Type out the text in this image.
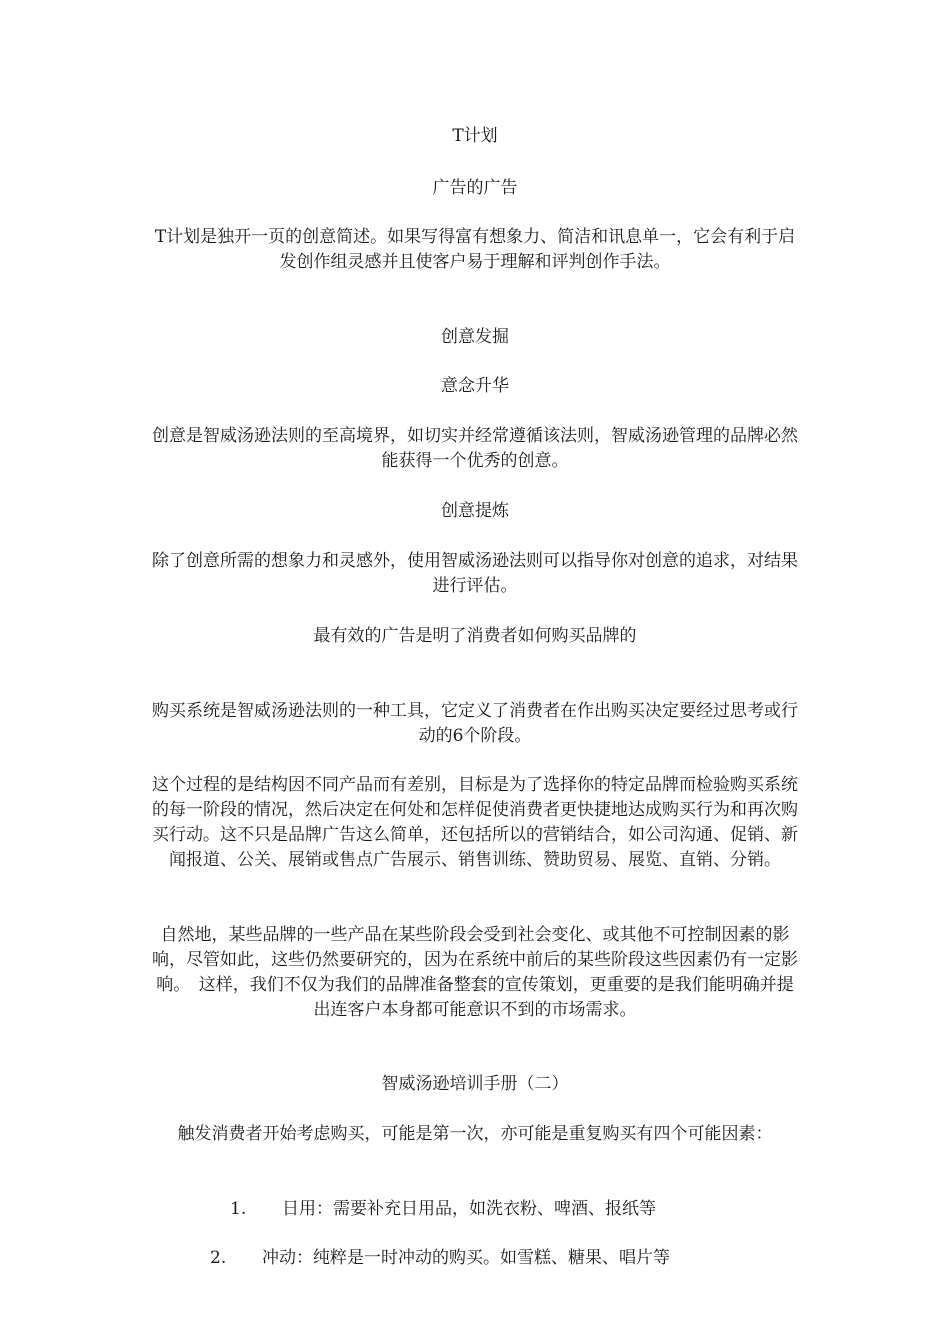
T计划
广告的广告
T计划是独开一页的创意简述。如果写得富有想象力、简洁和讯息单一，它会有利于启发创作组灵感并且使客户易于理解和评判创作手法。
创意发掘
意念升华
创意是智威汤逊法则的至高境界，如切实并经常遵循该法则，智威汤逊管理的品牌必然能获得一个优秀的创意。
创意提炼
除了创意所需的想象力和灵感外，使用智威汤逊法则可以指导你对创意的追求，对结果进行评估。
最有效的广告是明了消费者如何购买品牌的
购买系统是智威汤逊法则的一种工具，它定义了消费者在作出购买决定要经过思考或行动的6个阶段。
这个过程的是结构因不同产品而有差别，目标是为了选择你的特定品牌而检验购买系统的每一阶段的情况，然后决定在何处和怎样促使消费者更快捷地达成购买行为和再次购买行动。这不只是品牌广告这么简单，还包括所以的营销结合，如公司沟通、促销、新闻报道、公关、展销或售点广告展示、销售训练、赞助贸易、展览、直销、分销。
自然地，某些品牌的一些产品在某些阶段会受到社会变化、或其他不可控制因素的影响，尽管如此，这些仍然要研究的，因为在系统中前后的某些阶段这些因素仍有一定影响。　这样，我们不仅为我们的品牌准备整套的宣传策划，更重要的是我们能明确并提出连客户本身都可能意识不到的市场需求。
智威汤逊培训手册（二）
触发消费者开始考虑购买，可能是第一次，亦可能是重复购买有四个可能因素：
1. 日用：需要补充日用品，如洗衣粉、啤酒、报纸等
2. 冲动：纯粹是一时冲动的购买。如雪糕、糖果、唱片等
